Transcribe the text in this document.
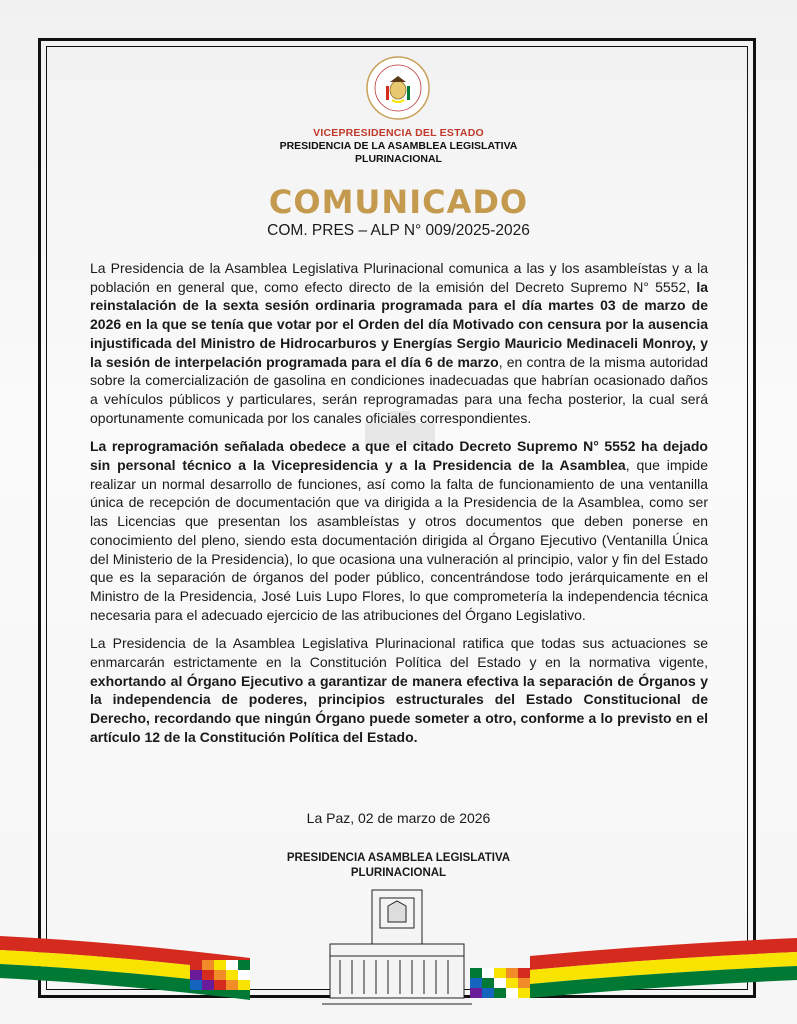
VICEPRESIDENCIA DEL ESTADO
PRESIDENCIA DE LA ASAMBLEA LEGISLATIVA
PLURINACIONAL
COMUNICADO
COM. PRES – ALP N° 009/2025-2026

La Presidencia de la Asamblea Legislativa Plurinacional comunica a las y los asambleístas y a la población en general que, como efecto directo de la emisión del Decreto Supremo N° 5552, la reinstalación de la sexta sesión ordinaria programada para el día martes 03 de marzo de 2026 en la que se tenía que votar por el Orden del día Motivado con censura por la ausencia injustificada del Ministro de Hidrocarburos y Energías Sergio Mauricio Medinaceli Monroy, y la sesión de interpelación programada para el día 6 de marzo, en contra de la misma autoridad sobre la comercialización de gasolina en condiciones inadecuadas que habrían ocasionado daños a vehículos públicos y particulares, serán reprogramadas para una fecha posterior, la cual será oportunamente comunicada por los canales oficiales correspondientes.

La reprogramación señalada obedece a que el citado Decreto Supremo N° 5552 ha dejado sin personal técnico a la Vicepresidencia y a la Presidencia de la Asamblea, que impide realizar un normal desarrollo de funciones, así como la falta de funcionamiento de una ventanilla única de recepción de documentación que va dirigida a la Presidencia de la Asamblea, como ser las Licencias que presentan los asambleístas y otros documentos que deben ponerse en conocimiento del pleno, siendo esta documentación dirigida al Órgano Ejecutivo (Ventanilla Única del Ministerio de la Presidencia), lo que ocasiona una vulneración al principio, valor y fin del Estado que es la separación de órganos del poder público, concentrándose todo jerárquicamente en el Ministro de la Presidencia, José Luis Lupo Flores, lo que comprometería la independencia técnica necesaria para el adecuado ejercicio de las atribuciones del Órgano Legislativo.

La Presidencia de la Asamblea Legislativa Plurinacional ratifica que todas sus actuaciones se enmarcarán estrictamente en la Constitución Política del Estado y en la normativa vigente, exhortando al Órgano Ejecutivo a garantizar de manera efectiva la separación de Órganos y la independencia de poderes, principios estructurales del Estado Constitucional de Derecho, recordando que ningún Órgano puede someter a otro, conforme a lo previsto en el artículo 12 de la Constitución Política del Estado.

La Paz, 02 de marzo de 2026
PRESIDENCIA ASAMBLEA LEGISLATIVA
PLURINACIONAL
